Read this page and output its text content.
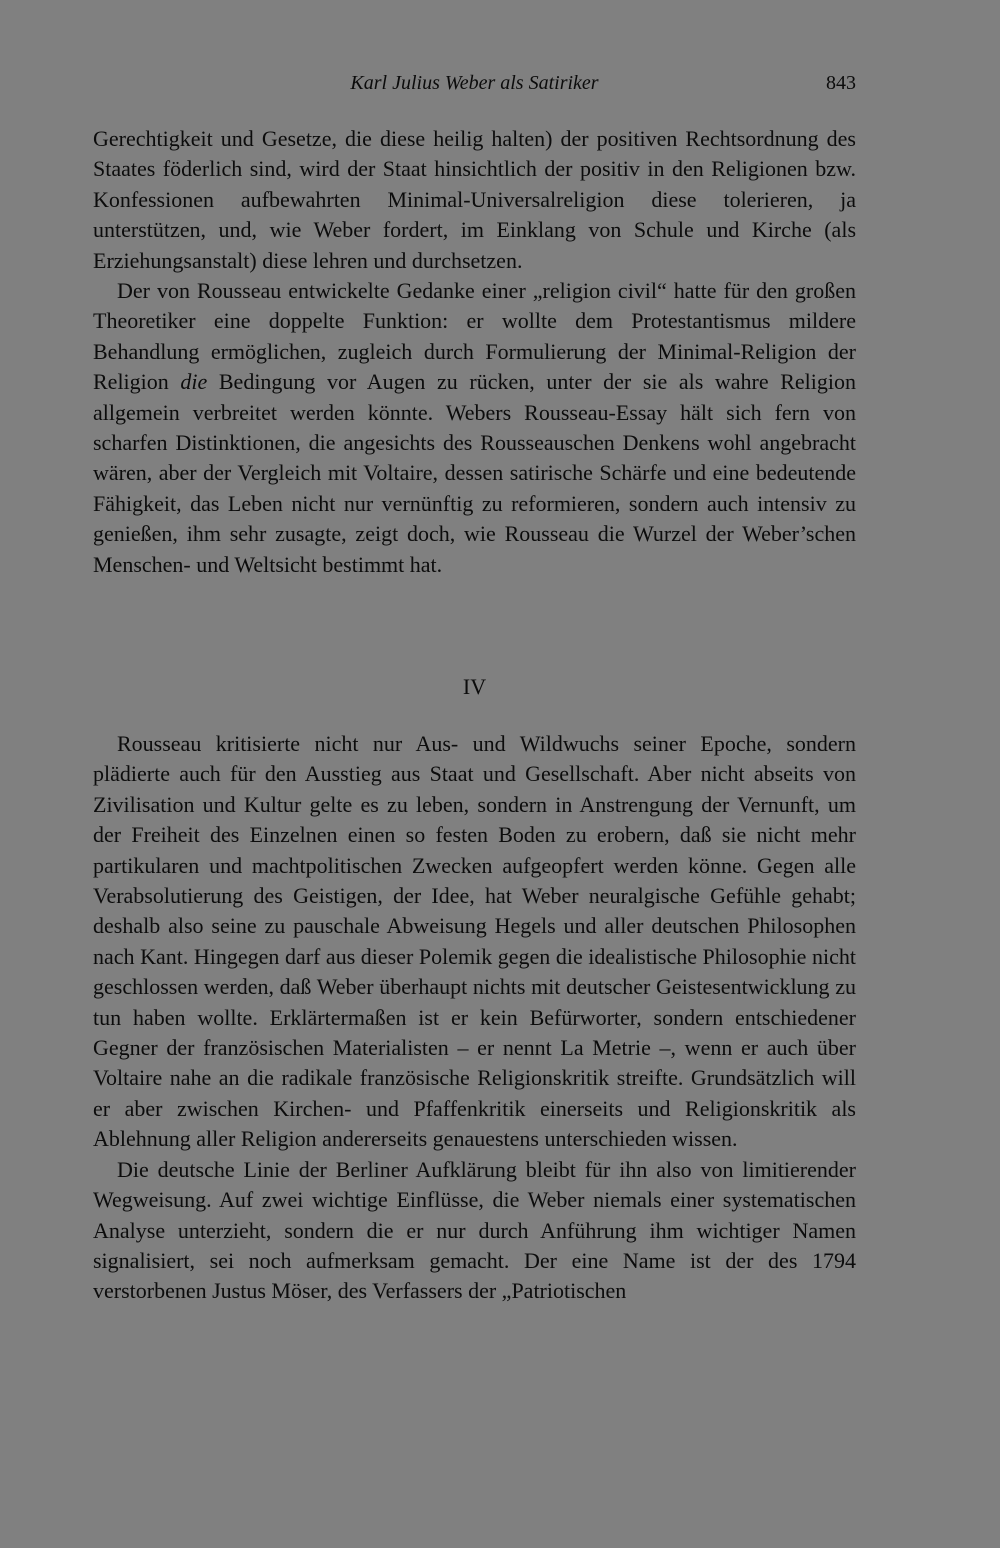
Karl Julius Weber als Satiriker	843

Gerechtigkeit und Gesetze, die diese heilig halten) der positiven Rechtsordnung des Staates föderlich sind, wird der Staat hinsichtlich der positiv in den Religionen bzw. Konfessionen aufbewahrten Minimal-Universalreligion diese tolerieren, ja unterstützen, und, wie Weber fordert, im Einklang von Schule und Kirche (als Erziehungsanstalt) diese lehren und durchsetzen.

Der von Rousseau entwickelte Gedanke einer „religion civil“ hatte für den großen Theoretiker eine doppelte Funktion: er wollte dem Protestantismus mildere Behandlung ermöglichen, zugleich durch Formulierung der Minimal-Religion der Religion die Bedingung vor Augen zu rücken, unter der sie als wahre Religion allgemein verbreitet werden könnte. Webers Rousseau-Essay hält sich fern von scharfen Distinktionen, die angesichts des Rousseauschen Denkens wohl angebracht wären, aber der Vergleich mit Voltaire, dessen satirische Schärfe und eine bedeutende Fähigkeit, das Leben nicht nur vernünftig zu reformieren, sondern auch intensiv zu genießen, ihm sehr zusagte, zeigt doch, wie Rousseau die Wurzel der Weber’schen Menschen- und Weltsicht bestimmt hat.

IV

Rousseau kritisierte nicht nur Aus- und Wildwuchs seiner Epoche, sondern plädierte auch für den Ausstieg aus Staat und Gesellschaft. Aber nicht abseits von Zivilisation und Kultur gelte es zu leben, sondern in Anstrengung der Vernunft, um der Freiheit des Einzelnen einen so festen Boden zu erobern, daß sie nicht mehr partikularen und machtpolitischen Zwecken aufgeopfert werden könne. Gegen alle Verabsolutierung des Geistigen, der Idee, hat Weber neuralgische Gefühle gehabt; deshalb also seine zu pauschale Abweisung Hegels und aller deutschen Philosophen nach Kant. Hingegen darf aus dieser Polemik gegen die idealistische Philosophie nicht geschlossen werden, daß Weber überhaupt nichts mit deutscher Geistesentwicklung zu tun haben wollte. Erklärtermaßen ist er kein Befürworter, sondern entschiedener Gegner der französischen Materialisten – er nennt La Metrie –, wenn er auch über Voltaire nahe an die radikale französische Religionskritik streifte. Grundsätzlich will er aber zwischen Kirchen- und Pfaffenkritik einerseits und Religionskritik als Ablehnung aller Religion andererseits genauestens unterschieden wissen.

Die deutsche Linie der Berliner Aufklärung bleibt für ihn also von limitierender Wegweisung. Auf zwei wichtige Einflüsse, die Weber niemals einer systematischen Analyse unterzieht, sondern die er nur durch Anführung ihm wichtiger Namen signalisiert, sei noch aufmerksam gemacht. Der eine Name ist der des 1794 verstorbenen Justus Möser, des Verfassers der „Patriotischen
